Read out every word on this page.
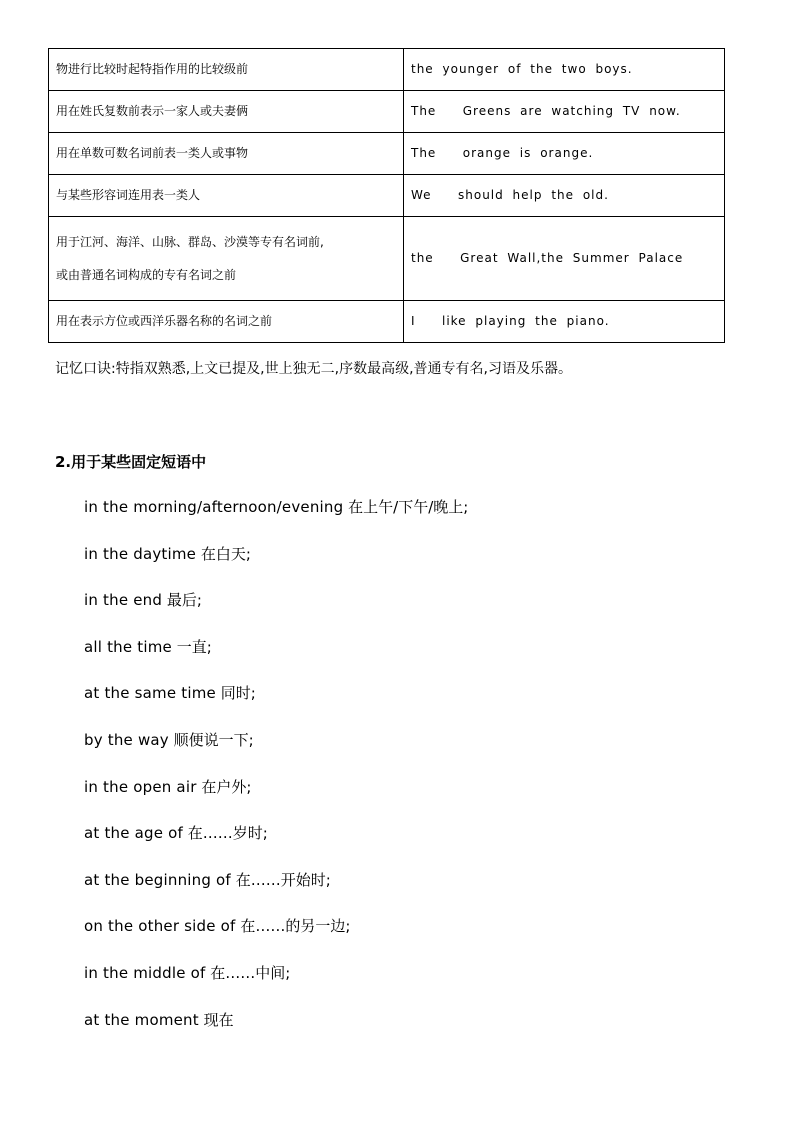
物进行比较时起特指作用的比较级前	the younger of the two boys.
用在姓氏复数前表示一家人或夫妻俩	The   Greens are watching TV now.
用在单数可数名词前表一类人或事物	The   orange is orange.
与某些形容词连用表一类人	We   should help the old.

用于江河、海洋、山脉、群岛、沙漠等专有名词前,
或由普通名词构成的专有名词之前	the   Great Wall,the Summer Palace
用在表示方位或西洋乐器名称的名词之前	I   like playing the piano.
记忆口诀:特指双熟悉,上文已提及,世上独无二,序数最高级,普通专有名,习语及乐器。
2.用于某些固定短语中
in the morning/afternoon/evening 在上午/下午/晚上;
in the daytime 在白天;
in the end 最后;
all the time 一直;
at the same time 同时;
by the way 顺便说一下;
in the open air 在户外;
at the age of 在……岁时;
at the beginning of 在……开始时;
on the other side of 在……的另一边;
in the middle of 在……中间;
at the moment 现在
